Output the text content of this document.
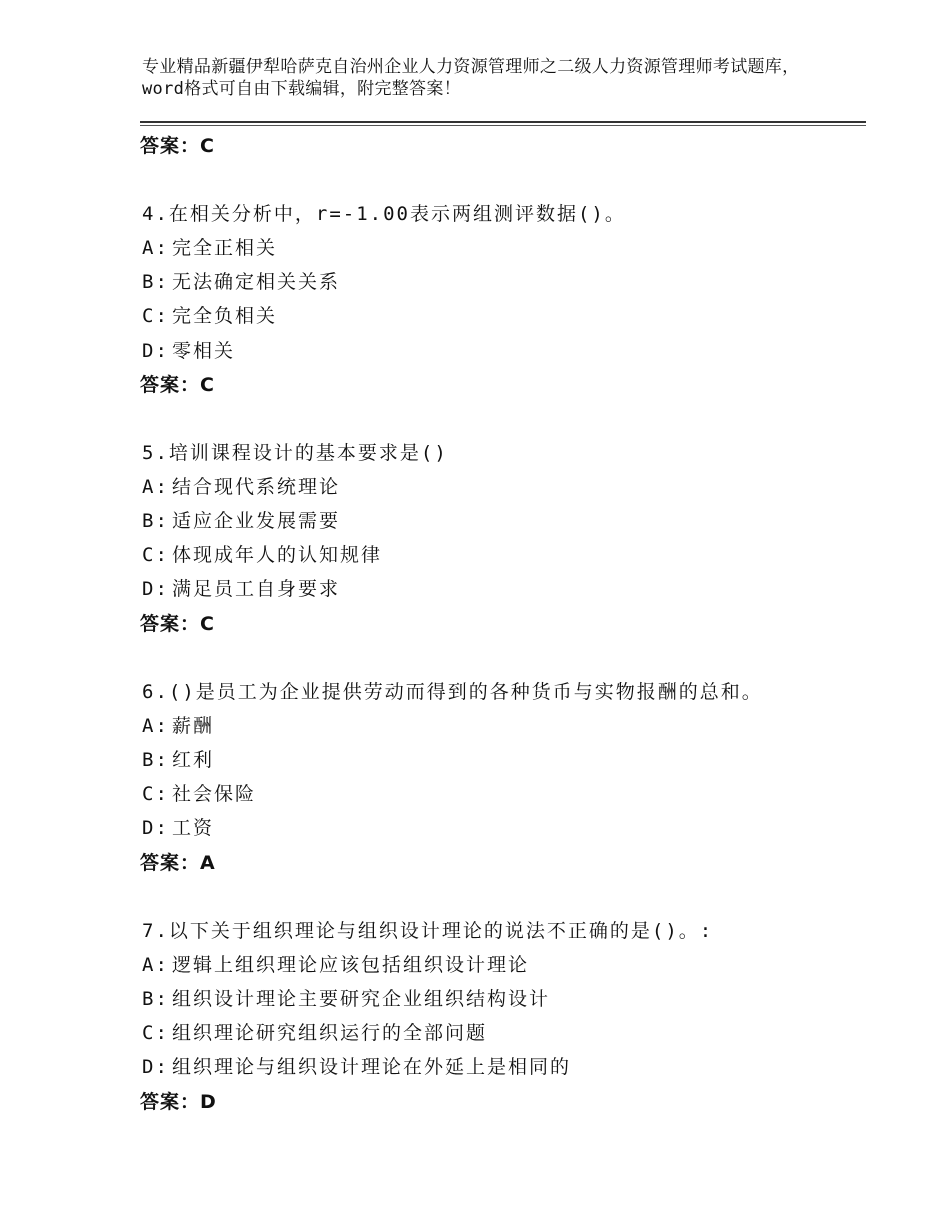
专业精品新疆伊犁哈萨克自治州企业人力资源管理师之二级人力资源管理师考试题库，word格式可自由下载编辑，附完整答案！
答案：C
4.在相关分析中，r=-1.00表示两组测评数据()。
A: 完全正相关
B: 无法确定相关关系
C: 完全负相关
D: 零相关
答案：C
5.培训课程设计的基本要求是()
A: 结合现代系统理论
B: 适应企业发展需要
C: 体现成年人的认知规律
D: 满足员工自身要求
答案：C
6.()是员工为企业提供劳动而得到的各种货币与实物报酬的总和。
A: 薪酬
B: 红利
C: 社会保险
D: 工资
答案：A
7.以下关于组织理论与组织设计理论的说法不正确的是()。:
A: 逻辑上组织理论应该包括组织设计理论
B: 组织设计理论主要研究企业组织结构设计
C: 组织理论研究组织运行的全部问题
D: 组织理论与组织设计理论在外延上是相同的
答案：D
